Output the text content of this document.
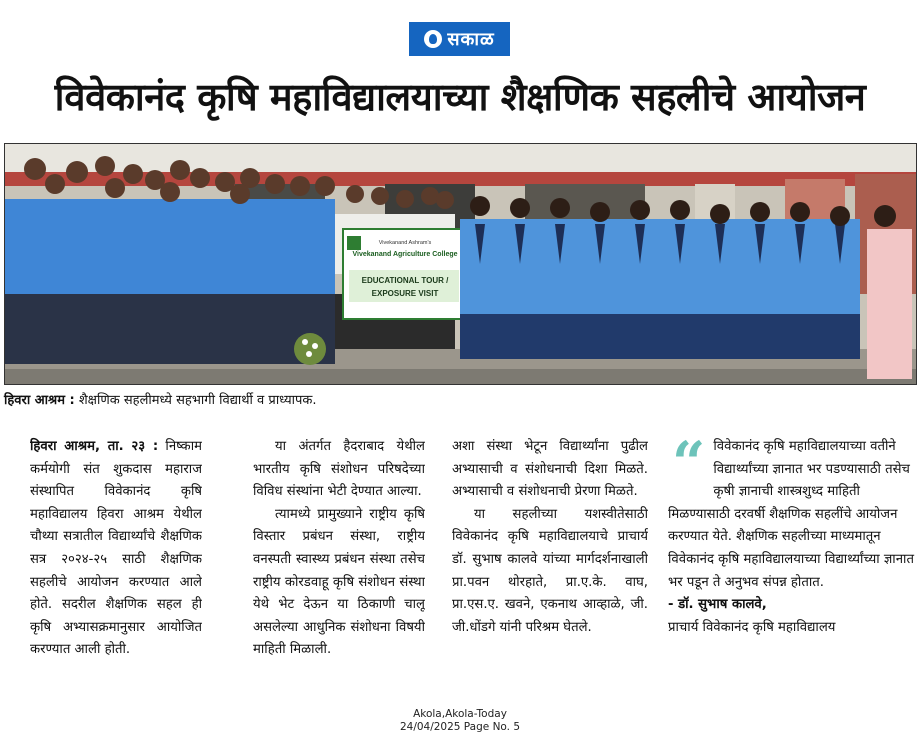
सकाळ
विवेकानंद कृषि महाविद्यालयाच्या शैक्षणिक सहलीचे आयोजन
Vivekanand Ashram's
Vivekanand Agriculture College
EDUCATIONAL TOUR /
EXPOSURE VISIT
हिवरा आश्रम : शैक्षणिक सहलीमध्ये सहभागी विद्यार्थी व प्राध्यापक.

हिवरा आश्रम, ता. २३ : निष्काम कर्मयोगी संत शुकदास महाराज संस्थापित विवेकानंद कृषि महाविद्यालय हिवरा आश्रम येथील चौथ्या सत्रातील विद्यार्थ्यांचे शैक्षणिक सत्र २०२४-२५ साठी शैक्षणिक सहलीचे आयोजन करण्यात आले होते. सदरील शैक्षणिक सहल ही कृषि अभ्यासक्रमानुसार आयोजित करण्यात आली होती.

या अंतर्गत हैदराबाद येथील भारतीय कृषि संशोधन परिषदेच्या विविध संस्थांना भेटी देण्यात आल्या.

त्यामध्ये प्रामुख्याने राष्ट्रीय कृषि विस्तार प्रबंधन संस्था, राष्ट्रीय वनस्पती स्वास्थ्य प्रबंधन संस्था तसेच राष्ट्रीय कोरडवाहू कृषि संशोधन संस्था येथे भेट देऊन या ठिकाणी चालू असलेल्या आधुनिक संशोधना विषयी माहिती मिळाली.

अशा संस्था भेटून विद्यार्थ्यांना पुढील अभ्यासाची व संशोधनाची दिशा मिळते. अभ्यासाची व संशोधनाची प्रेरणा मिळते.

या सहलीच्या यशस्वीतेसाठी विवेकानंद कृषि महाविद्यालयाचे प्राचार्य डॉ. सुभाष कालवे यांच्या मार्गदर्शनाखाली प्रा.पवन थोरहाते, प्रा.ए.के. वाघ, प्रा.एस.ए. खवने, एकनाथ आव्हाळे, जी. जी.धोंडगे यांनी परिश्रम घेतले.

“ विवेकानंद कृषि महाविद्यालयाच्या वतीने विद्यार्थ्यांच्या ज्ञानात भर पडण्यासाठी तसेच कृषी ज्ञानाची शास्त्रशुध्द माहिती मिळण्यासाठी दरवर्षी शैक्षणिक सहलींचे आयोजन करण्यात येते. शैक्षणिक सहलीच्या माध्यमातून विवेकानंद कृषि महाविद्यालयाच्या विद्यार्थ्यांच्या ज्ञानात भर पडून ते अनुभव संपन्न होतात.

- डॉ. सुभाष कालवे,

प्राचार्य विवेकानंद कृषि महाविद्यालय

Akola,Akola-Today
24/04/2025 Page No. 5
